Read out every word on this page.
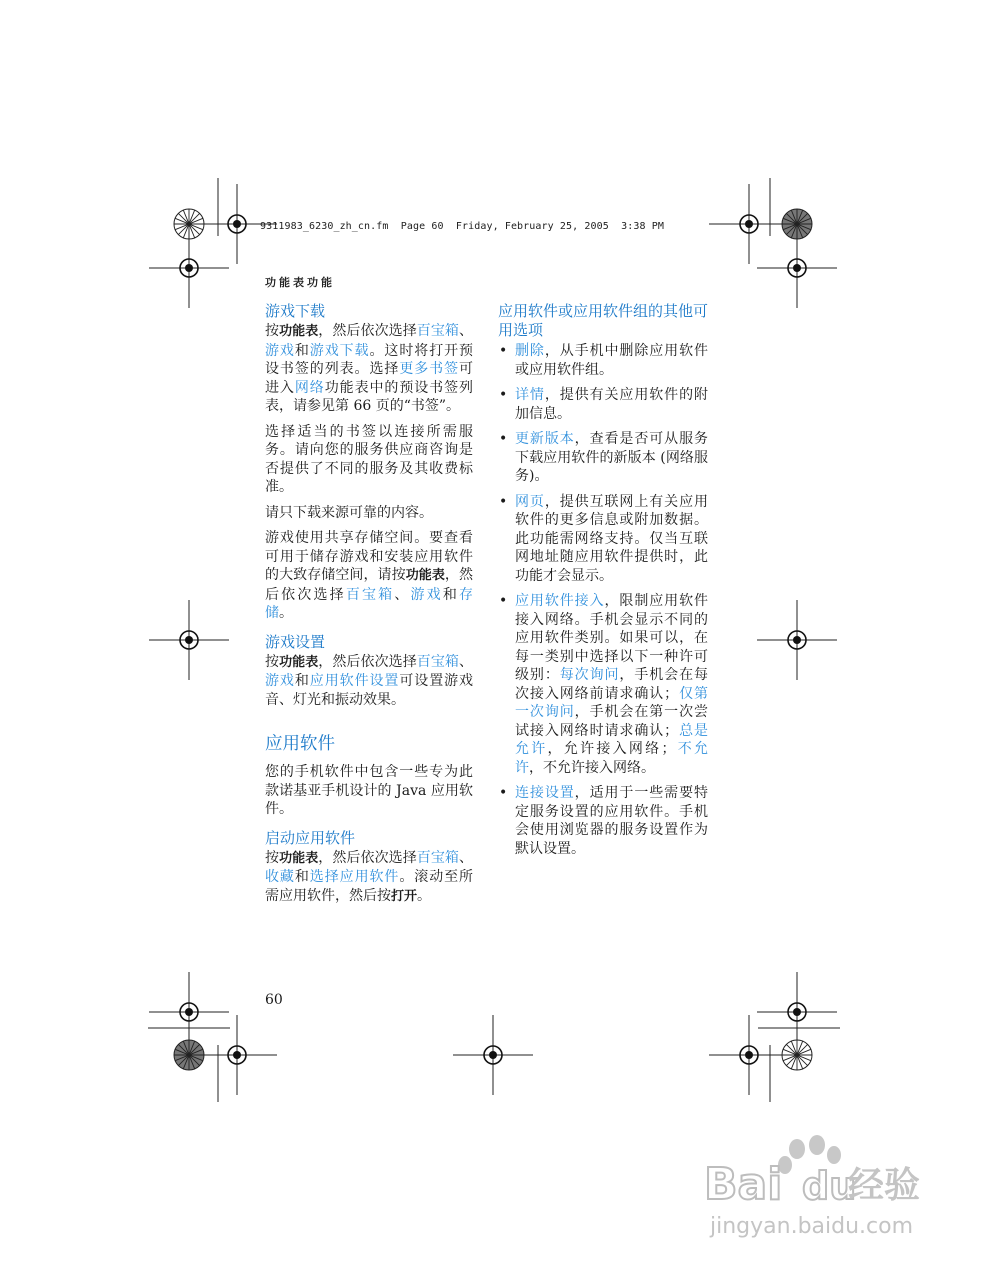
9311983_6230_zh_cn.fm  Page 60  Friday, February 25, 2005  3:38 PM
功能表功能
游戏下载

按功能表，然后依次选择百宝箱、游戏和游戏下载。这时将打开预设书签的列表。选择更多书签可进入网络功能表中的预设书签列表，请参见第 66 页的“书签”。

选择适当的书签以连接所需服务。请向您的服务供应商咨询是否提供了不同的服务及其收费标准。

请只下载来源可靠的内容。

游戏使用共享存储空间。要查看可用于储存游戏和安装应用软件的大致存储空间，请按功能表，然后依次选择百宝箱、游戏和存储。

游戏设置

按功能表，然后依次选择百宝箱、游戏和应用软件设置可设置游戏音、灯光和振动效果。

应用软件

您的手机软件中包含一些专为此款诺基亚手机设计的 Java 应用软件。

启动应用软件

按功能表，然后依次选择百宝箱、收藏和选择应用软件。滚动至所需应用软件，然后按打开。

应用软件或应用软件组的其他可用选项
• 删除，从手机中删除应用软件或应用软件组。
• 详情，提供有关应用软件的附加信息。
• 更新版本，查看是否可从服务下载应用软件的新版本 (网络服务)。
• 网页，提供互联网上有关应用软件的更多信息或附加数据。此功能需网络支持。仅当互联网地址随应用软件提供时，此功能才会显示。
• 应用软件接入，限制应用软件接入网络。手机会显示不同的应用软件类别。如果可以，在每一类别中选择以下一种许可级别：每次询问，手机会在每次接入网络前请求确认；仅第一次询问，手机会在第一次尝试接入网络时请求确认；总是允许，允许接入网络；不允许，不允许接入网络。
• 连接设置，适用于一些需要特定服务设置的应用软件。手机会使用浏览器的服务设置作为默认设置。
60
Bai du
经验
jingyan.baidu.com
